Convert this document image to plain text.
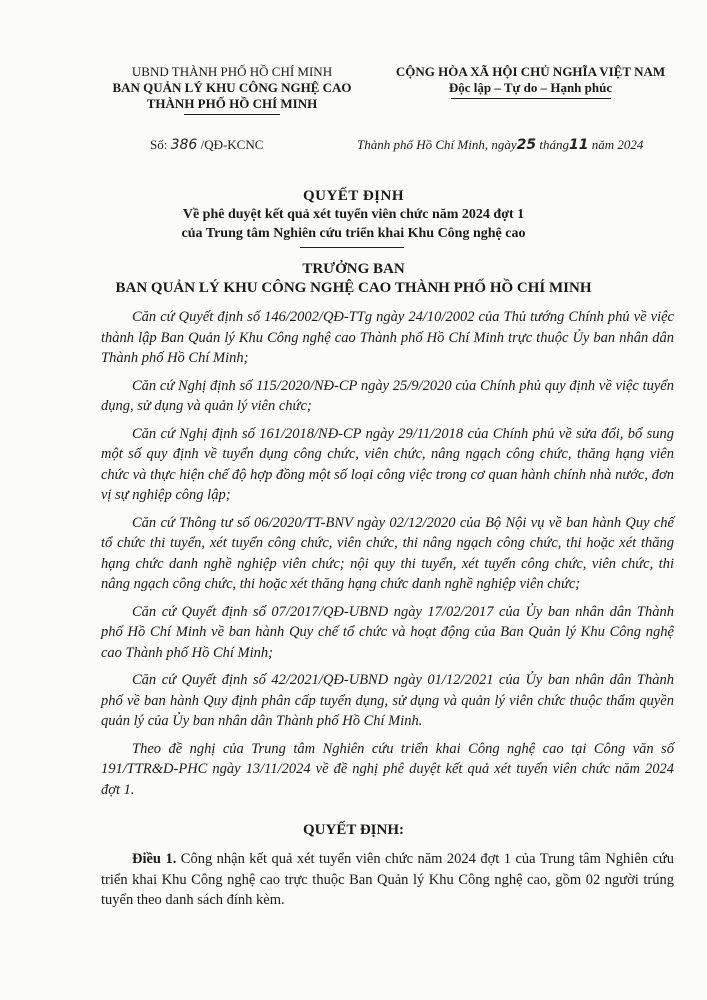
UBND THÀNH PHỐ HỒ CHÍ MINH
BAN QUẢN LÝ KHU CÔNG NGHỆ CAO
THÀNH PHỐ HỒ CHÍ MINH
CỘNG HÒA XÃ HỘI CHỦ NGHĨA VIỆT NAM
Độc lập – Tự do – Hạnh phúc
Số: 386 /QĐ-KCNC	Thành phố Hồ Chí Minh, ngày25 tháng11 năm 2024
QUYẾT ĐỊNH
Về phê duyệt kết quả xét tuyển viên chức năm 2024 đợt 1
của Trung tâm Nghiên cứu triển khai Khu Công nghệ cao
TRƯỞNG BAN
BAN QUẢN LÝ KHU CÔNG NGHỆ CAO THÀNH PHỐ HỒ CHÍ MINH

Căn cứ Quyết định số 146/2002/QĐ-TTg ngày 24/10/2002 của Thủ tướng Chính phủ về việc thành lập Ban Quản lý Khu Công nghệ cao Thành phố Hồ Chí Minh trực thuộc Ủy ban nhân dân Thành phố Hồ Chí Minh;

Căn cứ Nghị định số 115/2020/NĐ-CP ngày 25/9/2020 của Chính phủ quy định về việc tuyển dụng, sử dụng và quản lý viên chức;

Căn cứ Nghị định số 161/2018/NĐ-CP ngày 29/11/2018 của Chính phủ về sửa đổi, bổ sung một số quy định về tuyển dụng công chức, viên chức, nâng ngạch công chức, thăng hạng viên chức và thực hiện chế độ hợp đồng một số loại công việc trong cơ quan hành chính nhà nước, đơn vị sự nghiệp công lập;

Căn cứ Thông tư số 06/2020/TT-BNV ngày 02/12/2020 của Bộ Nội vụ về ban hành Quy chế tổ chức thi tuyển, xét tuyển công chức, viên chức, thi nâng ngạch công chức, thi hoặc xét thăng hạng chức danh nghề nghiệp viên chức; nội quy thi tuyển, xét tuyển công chức, viên chức, thi nâng ngạch công chức, thi hoặc xét thăng hạng chức danh nghề nghiệp viên chức;

Căn cứ Quyết định số 07/2017/QĐ-UBND ngày 17/02/2017 của Ủy ban nhân dân Thành phố Hồ Chí Minh về ban hành Quy chế tổ chức và hoạt động của Ban Quản lý Khu Công nghệ cao Thành phố Hồ Chí Minh;

Căn cứ Quyết định số 42/2021/QĐ-UBND ngày 01/12/2021 của Ủy ban nhân dân Thành phố về ban hành Quy định phân cấp tuyển dụng, sử dụng và quản lý viên chức thuộc thẩm quyền quản lý của Ủy ban nhân dân Thành phố Hồ Chí Minh.

Theo đề nghị của Trung tâm Nghiên cứu triển khai Công nghệ cao tại Công văn số 191/TTR&D-PHC ngày 13/11/2024 về đề nghị phê duyệt kết quả xét tuyển viên chức năm 2024 đợt 1.

QUYẾT ĐỊNH:
Điều 1. Công nhận kết quả xét tuyển viên chức năm 2024 đợt 1 của Trung tâm Nghiên cứu triển khai Khu Công nghệ cao trực thuộc Ban Quản lý Khu Công nghệ cao, gồm 02 người trúng tuyển theo danh sách đính kèm.
